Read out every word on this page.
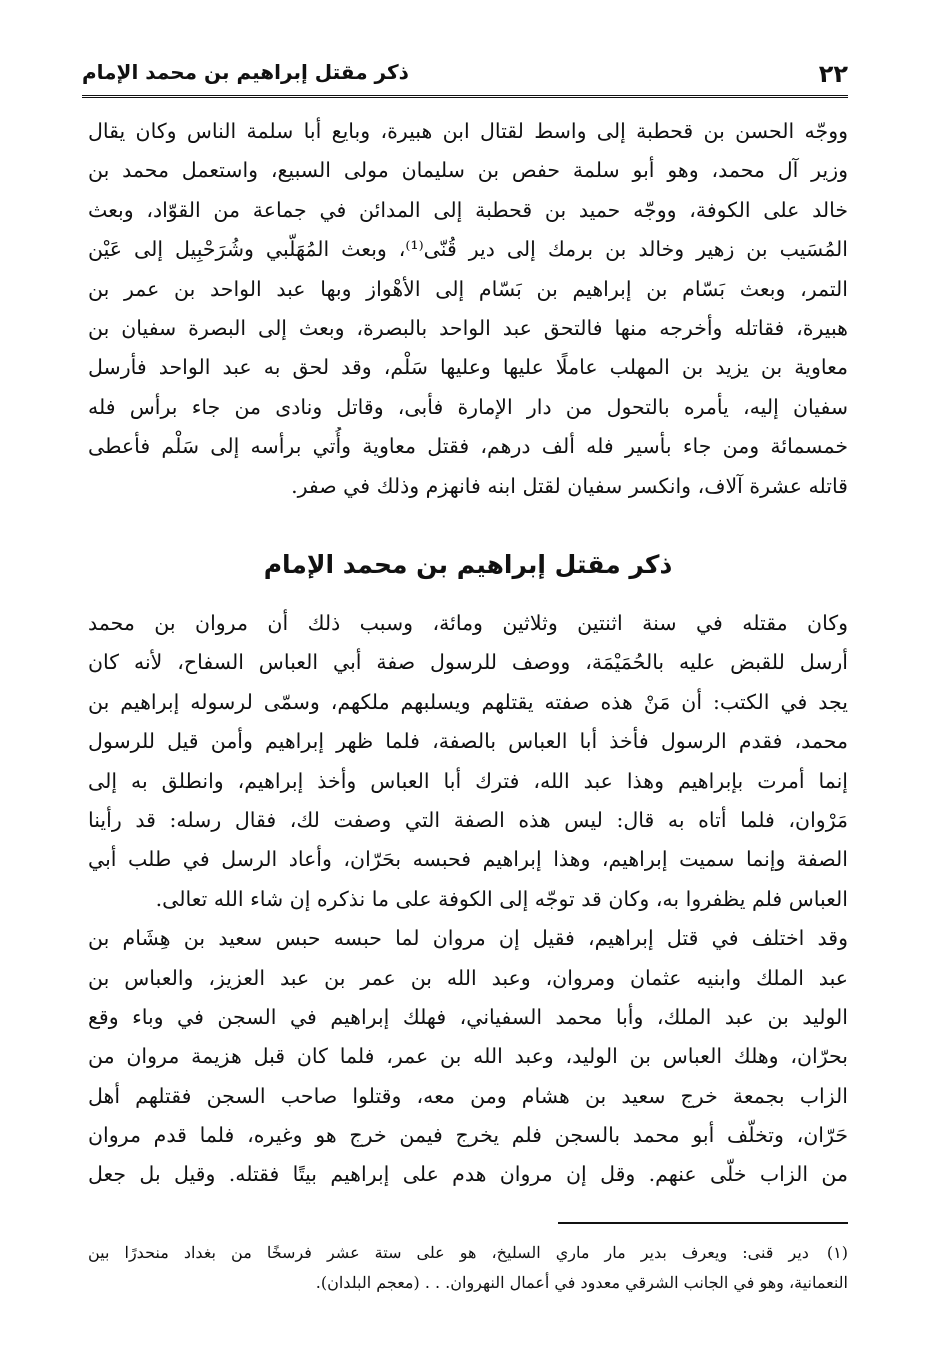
٢٢
ذكر مقتل إبراهيم بن محمد الإمام
ووجّه الحسن بن قحطبة إلى واسط لقتال ابن هبيرة، وبايع أبا سلمة الناس وكان يقال
وزير آل محمد، وهو أبو سلمة حفص بن سليمان مولى السبيع، واستعمل محمد بن
خالد على الكوفة، ووجّه حميد بن قحطبة إلى المدائن في جماعة من القوّاد، وبعث
المُسَيب بن زهير وخالد بن برمك إلى دير قُنّى⁽¹⁾، وبعث المُهَلّبي وشُرَحْبِيل إلى عَيْن
التمر، وبعث بَسّام بن إبراهيم بن بَسّام إلى الأهْواز وبها عبد الواحد بن عمر بن
هبيرة، فقاتله وأخرجه منها فالتحق عبد الواحد بالبصرة، وبعث إلى البصرة سفيان بن
معاوية بن يزيد بن المهلب عاملًا عليها وعليها سَلْم، وقد لحق به عبد الواحد فأرسل
سفيان إليه، يأمره بالتحول من دار الإمارة فأبى، وقاتل ونادى من جاء برأس فله
خمسمائة ومن جاء بأسير فله ألف درهم، فقتل معاوية وأُتي برأسه إلى سَلْم فأعطى
قاتله عشرة آلاف، وانكسر سفيان لقتل ابنه فانهزم وذلك في صفر.
ذكر مقتل إبراهيم بن محمد الإمام
وكان مقتله في سنة اثنتين وثلاثين ومائة، وسبب ذلك أن مروان بن محمد
أرسل للقبض عليه بالحُمَيْمَة، ووصف للرسول صفة أبي العباس السفاح، لأنه كان
يجد في الكتب: أن مَنْ هذه صفته يقتلهم ويسلبهم ملكهم، وسمّى لرسوله إبراهيم بن
محمد، فقدم الرسول فأخذ أبا العباس بالصفة، فلما ظهر إبراهيم وأمن قيل للرسول
إنما أمرت بإبراهيم وهذا عبد الله، فترك أبا العباس وأخذ إبراهيم، وانطلق به إلى
مَرْوان، فلما أتاه به قال: ليس هذه الصفة التي وصفت لك، فقال رسله: قد رأينا
الصفة وإنما سميت إبراهيم، وهذا إبراهيم فحبسه بحَرّان، وأعاد الرسل في طلب أبي
العباس فلم يظفروا به، وكان قد توجّه إلى الكوفة على ما نذكره إن شاء الله تعالى.
وقد اختلف في قتل إبراهيم، فقيل إن مروان لما حبسه حبس سعيد بن هِشَام بن
عبد الملك وابنيه عثمان ومروان، وعبد الله بن عمر بن عبد العزيز، والعباس بن
الوليد بن عبد الملك، وأبا محمد السفياني، فهلك إبراهيم في السجن في وباء وقع
بحرّان، وهلك العباس بن الوليد، وعبد الله بن عمر، فلما كان قبل هزيمة مروان من
الزاب بجمعة خرج سعيد بن هشام ومن معه، وقتلوا صاحب السجن فقتلهم أهل
حَرّان، وتخلّف أبو محمد بالسجن فلم يخرج فيمن خرج هو وغيره، فلما قدم مروان
من الزاب خلّى عنهم. وقل إن مروان هدم على إبراهيم بيتًا فقتله. وقيل بل جعل
(١)دير قنى: ويعرف بدير مار ماري السليخ، هو على ستة عشر فرسخًا من بغداد منحدرًا بين
النعمانية، وهو في الجانب الشرقي معدود في أعمال النهروان. . . (معجم البلدان).
